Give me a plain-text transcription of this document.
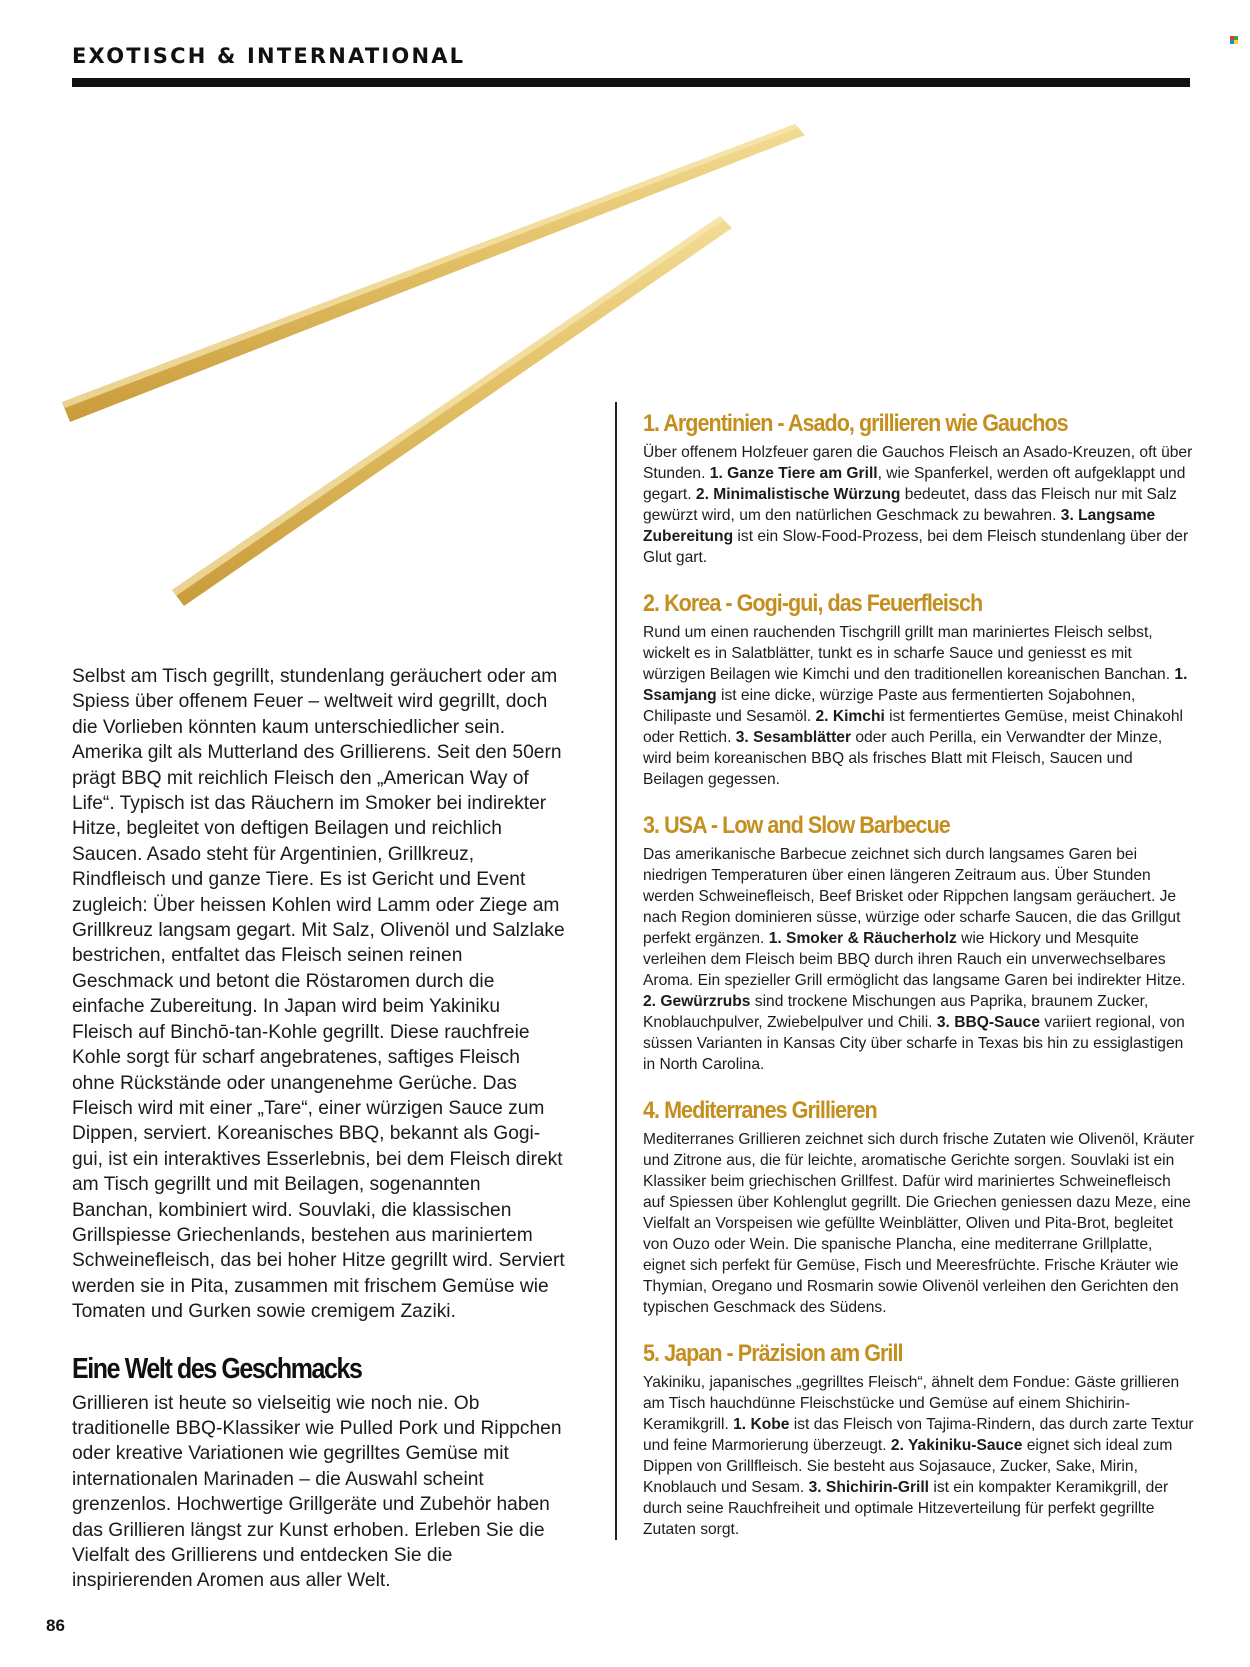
EXOTISCH & INTERNATIONAL

Selbst am Tisch gegrillt, stundenlang geräuchert oder am Spiess über offenem Feuer – weltweit wird gegrillt, doch die Vorlieben könnten kaum unterschiedlicher sein. Amerika gilt als Mutterland des Grillierens. Seit den 50ern prägt BBQ mit reichlich Fleisch den „American Way of Life“. Typisch ist das Räuchern im Smoker bei indirekter Hitze, begleitet von deftigen Beilagen und reichlich Saucen. Asado steht für Argentinien, Grillkreuz, Rindfleisch und ganze Tiere. Es ist Gericht und Event zugleich: Über heissen Kohlen wird Lamm oder Ziege am Grillkreuz langsam gegart. Mit Salz, Olivenöl und Salzlake bestrichen, entfaltet das Fleisch seinen reinen Geschmack und betont die Röstaromen durch die einfache Zubereitung. In Japan wird beim Yakiniku Fleisch auf Binchō-tan-Kohle gegrillt. Diese rauchfreie Kohle sorgt für scharf angebratenes, saftiges Fleisch ohne Rückstände oder unangenehme Gerüche. Das Fleisch wird mit einer „Tare“, einer würzigen Sauce zum Dippen, serviert. Koreanisches BBQ, bekannt als Gogi-gui, ist ein interaktives Esserlebnis, bei dem Fleisch direkt am Tisch gegrillt und mit Beilagen, sogenannten Banchan, kombiniert wird. Souvlaki, die klassischen Grillspiesse Griechenlands, bestehen aus mariniertem Schweinefleisch, das bei hoher Hitze gegrillt wird. Serviert werden sie in Pita, zusammen mit frischem Gemüse wie Tomaten und Gurken sowie cremigem Zaziki.

Eine Welt des Geschmacks

Grillieren ist heute so vielseitig wie noch nie. Ob traditionelle BBQ-Klassiker wie Pulled Pork und Rippchen oder kreative Variationen wie gegrilltes Gemüse mit internationalen Marinaden – die Auswahl scheint grenzenlos. Hochwertige Grillgeräte und Zubehör haben das Grillieren längst zur Kunst erhoben. Erleben Sie die Vielfalt des Grillierens und entdecken Sie die inspirierenden Aromen aus aller Welt.

1. Argentinien - Asado, grillieren wie Gauchos

Über offenem Holzfeuer garen die Gauchos Fleisch an Asado-Kreuzen, oft über Stunden. 1. Ganze Tiere am Grill, wie Spanferkel, werden oft aufgeklappt und gegart. 2. Minimalistische Würzung bedeutet, dass das Fleisch nur mit Salz gewürzt wird, um den natürlichen Geschmack zu bewahren. 3. Langsame Zubereitung ist ein Slow-Food-Prozess, bei dem Fleisch stundenlang über der Glut gart.

2. Korea - Gogi-gui, das Feuerfleisch

Rund um einen rauchenden Tischgrill grillt man mariniertes Fleisch selbst, wickelt es in Salatblätter, tunkt es in scharfe Sauce und geniesst es mit würzigen Beilagen wie Kimchi und den traditionellen koreanischen Banchan. 1. Ssamjang ist eine dicke, würzige Paste aus fermentierten Sojabohnen, Chilipaste und Sesamöl. 2. Kimchi ist fermentiertes Gemüse, meist Chinakohl oder Rettich. 3. Sesamblätter oder auch Perilla, ein Verwandter der Minze, wird beim koreanischen BBQ als frisches Blatt mit Fleisch, Saucen und Beilagen gegessen.

3. USA - Low and Slow Barbecue

Das amerikanische Barbecue zeichnet sich durch langsames Garen bei niedrigen Temperaturen über einen längeren Zeitraum aus. Über Stunden werden Schweinefleisch, Beef Brisket oder Rippchen langsam geräuchert. Je nach Region dominieren süsse, würzige oder scharfe Saucen, die das Grillgut perfekt ergänzen. 1. Smoker & Räucherholz wie Hickory und Mesquite verleihen dem Fleisch beim BBQ durch ihren Rauch ein unverwechselbares Aroma. Ein spezieller Grill ermöglicht das langsame Garen bei indirekter Hitze. 2. Gewürzrubs sind trockene Mischungen aus Paprika, braunem Zucker, Knoblauchpulver, Zwiebelpulver und Chili. 3. BBQ-Sauce variiert regional, von süssen Varianten in Kansas City über scharfe in Texas bis hin zu essiglastigen in North Carolina.

4. Mediterranes Grillieren

Mediterranes Grillieren zeichnet sich durch frische Zutaten wie Olivenöl, Kräuter und Zitrone aus, die für leichte, aromatische Gerichte sorgen. Souvlaki ist ein Klassiker beim griechischen Grillfest. Dafür wird mariniertes Schweinefleisch auf Spiessen über Kohlenglut gegrillt. Die Griechen geniessen dazu Meze, eine Vielfalt an Vorspeisen wie gefüllte Weinblätter, Oliven und Pita-Brot, begleitet von Ouzo oder Wein. Die spanische Plancha, eine mediterrane Grillplatte, eignet sich perfekt für Gemüse, Fisch und Meeresfrüchte. Frische Kräuter wie Thymian, Oregano und Rosmarin sowie Olivenöl verleihen den Gerichten den typischen Geschmack des Südens.

5. Japan - Präzision am Grill

Yakiniku, japanisches „gegrilltes Fleisch“, ähnelt dem Fondue: Gäste grillieren am Tisch hauchdünne Fleischstücke und Gemüse auf einem Shichirin-Keramikgrill. 1. Kobe ist das Fleisch von Tajima-Rindern, das durch zarte Textur und feine Marmorierung überzeugt. 2. Yakiniku-Sauce eignet sich ideal zum Dippen von Grillfleisch. Sie besteht aus Sojasauce, Zucker, Sake, Mirin, Knoblauch und Sesam. 3. Shichirin-Grill ist ein kompakter Keramikgrill, der durch seine Rauchfreiheit und optimale Hitzeverteilung für perfekt gegrillte Zutaten sorgt.

86
